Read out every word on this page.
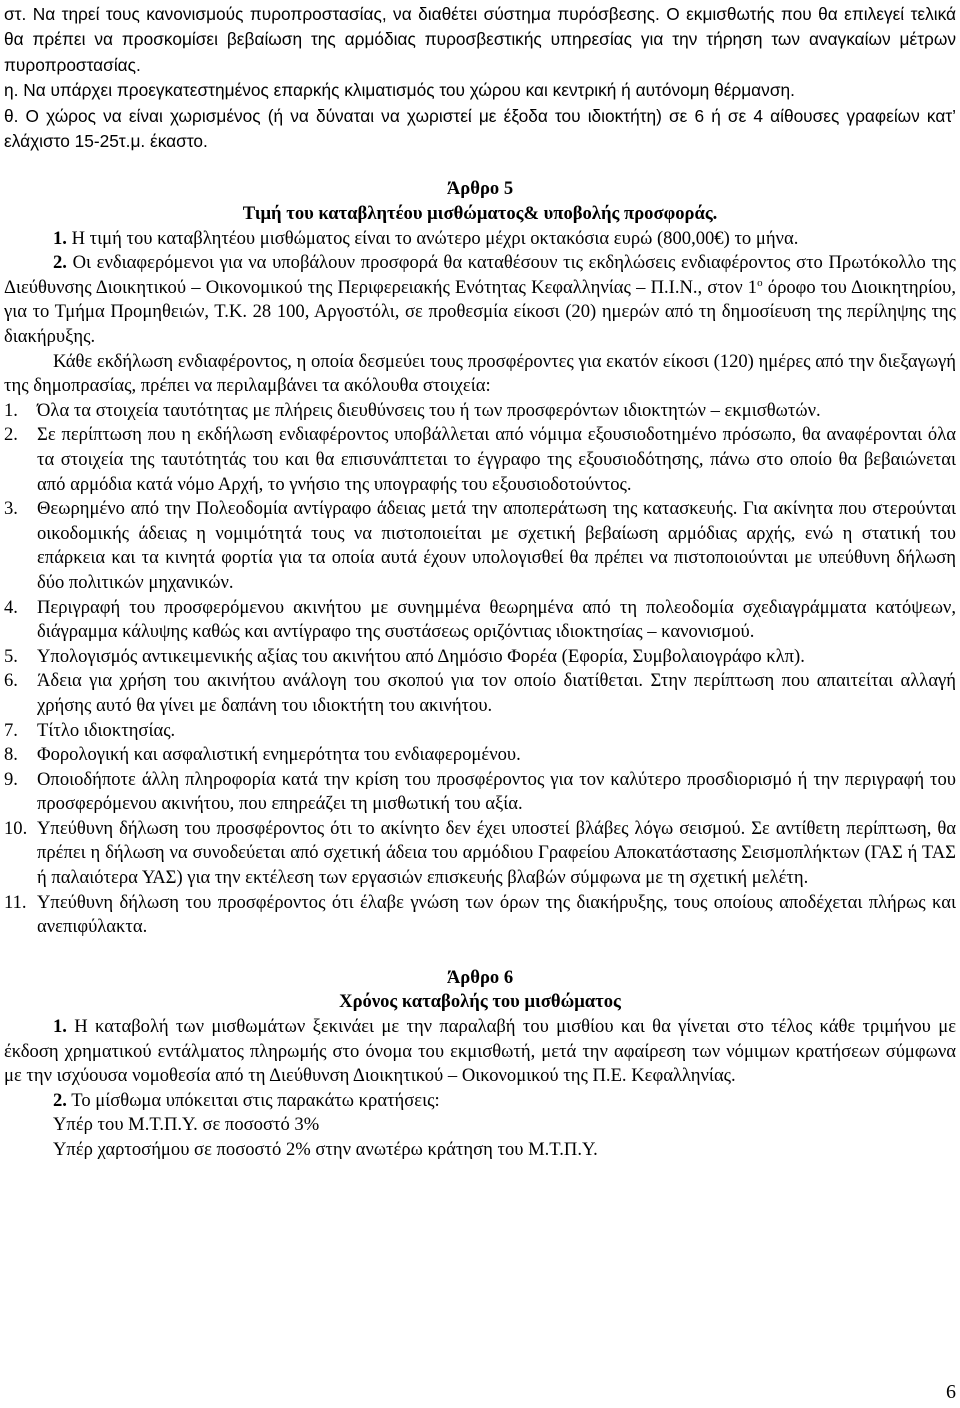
στ. Να τηρεί τους κανονισμούς πυροπροστασίας, να διαθέτει σύστημα πυρόσβεσης. Ο εκμισθωτής που θα επιλεγεί τελικά θα πρέπει να προσκομίσει βεβαίωση της αρμόδιας πυροσβεστικής υπηρεσίας για την τήρηση των αναγκαίων μέτρων πυροπροστασίας.

η. Να υπάρχει προεγκατεστημένος επαρκής κλιματισμός του χώρου και κεντρική ή αυτόνομη θέρμανση.

θ. Ο χώρος να είναι χωρισμένος (ή να δύναται να χωριστεί με έξοδα του ιδιοκτήτη) σε 6 ή σε 4 αίθουσες γραφείων κατ’ ελάχιστο 15-25τ.μ. έκαστο.

Άρθρο 5
Τιμή του καταβλητέου μισθώματος& υποβολής προσφοράς.

1. Η τιμή του καταβλητέου μισθώματος είναι το ανώτερο μέχρι οκτακόσια ευρώ (800,00€) το μήνα.

2. Οι ενδιαφερόμενοι για να υποβάλουν προσφορά θα καταθέσουν τις εκδηλώσεις ενδιαφέροντος στο Πρωτόκολλο της Διεύθυνσης Διοικητικού – Οικονομικού της Περιφερειακής Ενότητας Κεφαλληνίας – Π.Ι.Ν., στον $1^o$ όροφο του Διοικητηρίου, για το Τμήμα Προμηθειών, Τ.Κ. 28 100, Αργοστόλι, σε προθεσμία είκοσι (20) ημερών από τη δημοσίευση της περίληψης της διακήρυξης.

Κάθε εκδήλωση ενδιαφέροντος, η οποία δεσμεύει τους προσφέροντες για εκατόν είκοσι (120) ημέρες από την διεξαγωγή της δημοπρασίας, πρέπει να περιλαμβάνει τα ακόλουθα στοιχεία:

1. Όλα τα στοιχεία ταυτότητας με πλήρεις διευθύνσεις του ή των προσφερόντων ιδιοκτητών – εκμισθωτών.
2. Σε περίπτωση που η εκδήλωση ενδιαφέροντος υποβάλλεται από νόμιμα εξουσιοδοτημένο πρόσωπο, θα αναφέρονται όλα τα στοιχεία της ταυτότητάς του και θα επισυνάπτεται το έγγραφο της εξουσιοδότησης, πάνω στο οποίο θα βεβαιώνεται από αρμόδια κατά νόμο Αρχή, το γνήσιο της υπογραφής του εξουσιοδοτούντος.
3. Θεωρημένο από την Πολεοδομία αντίγραφο άδειας μετά την αποπεράτωση της κατασκευής. Για ακίνητα που στερούνται οικοδομικής άδειας η νομιμότητά τους να πιστοποιείται με σχετική βεβαίωση αρμόδιας αρχής, ενώ η στατική του επάρκεια και τα κινητά φορτία για τα οποία αυτά έχουν υπολογισθεί θα πρέπει να πιστοποιούνται με υπεύθυνη δήλωση δύο πολιτικών μηχανικών.
4. Περιγραφή του προσφερόμενου ακινήτου με συνημμένα θεωρημένα από τη πολεοδομία σχεδιαγράμματα κατόψεων, διάγραμμα κάλυψης καθώς και αντίγραφο της συστάσεως οριζόντιας ιδιοκτησίας – κανονισμού.
5. Υπολογισμός αντικειμενικής αξίας του ακινήτου από Δημόσιο Φορέα (Εφορία, Συμβολαιογράφο κλπ).
6. Άδεια για χρήση του ακινήτου ανάλογη του σκοπού για τον οποίο διατίθεται. Στην περίπτωση που απαιτείται αλλαγή χρήσης αυτό θα γίνει με δαπάνη του ιδιοκτήτη του ακινήτου.
7. Τίτλο ιδιοκτησίας.
8. Φορολογική και ασφαλιστική ενημερότητα του ενδιαφερομένου.
9. Οποιοδήποτε άλλη πληροφορία κατά την κρίση του προσφέροντος για τον καλύτερο προσδιορισμό ή την περιγραφή του προσφερόμενου ακινήτου, που επηρεάζει τη μισθωτική του αξία.
10. Υπεύθυνη δήλωση του προσφέροντος ότι το ακίνητο δεν έχει υποστεί βλάβες λόγω σεισμού. Σε αντίθετη περίπτωση, θα πρέπει η δήλωση να συνοδεύεται από σχετική άδεια του αρμόδιου Γραφείου Αποκατάστασης Σεισμοπλήκτων (ΓΑΣ ή ΤΑΣ ή παλαιότερα ΥΑΣ) για την εκτέλεση των εργασιών επισκευής βλαβών σύμφωνα με τη σχετική μελέτη.
11. Υπεύθυνη δήλωση του προσφέροντος ότι έλαβε γνώση των όρων της διακήρυξης, τους οποίους αποδέχεται πλήρως και ανεπιφύλακτα.
Άρθρο 6
Χρόνος καταβολής του μισθώματος

1. Η καταβολή των μισθωμάτων ξεκινάει με την παραλαβή του μισθίου και θα γίνεται στο τέλος κάθε τριμήνου με έκδοση χρηματικού εντάλματος πληρωμής στο όνομα του εκμισθωτή, μετά την αφαίρεση των νόμιμων κρατήσεων σύμφωνα με την ισχύουσα νομοθεσία από τη Διεύθυνση Διοικητικού – Οικονομικού της Π.Ε. Κεφαλληνίας.

2. Το μίσθωμα υπόκειται στις παρακάτω κρατήσεις:

Υπέρ του Μ.Τ.Π.Υ. σε ποσοστό 3%

Υπέρ χαρτοσήμου σε ποσοστό 2% στην ανωτέρω κράτηση του Μ.Τ.Π.Υ.

6
